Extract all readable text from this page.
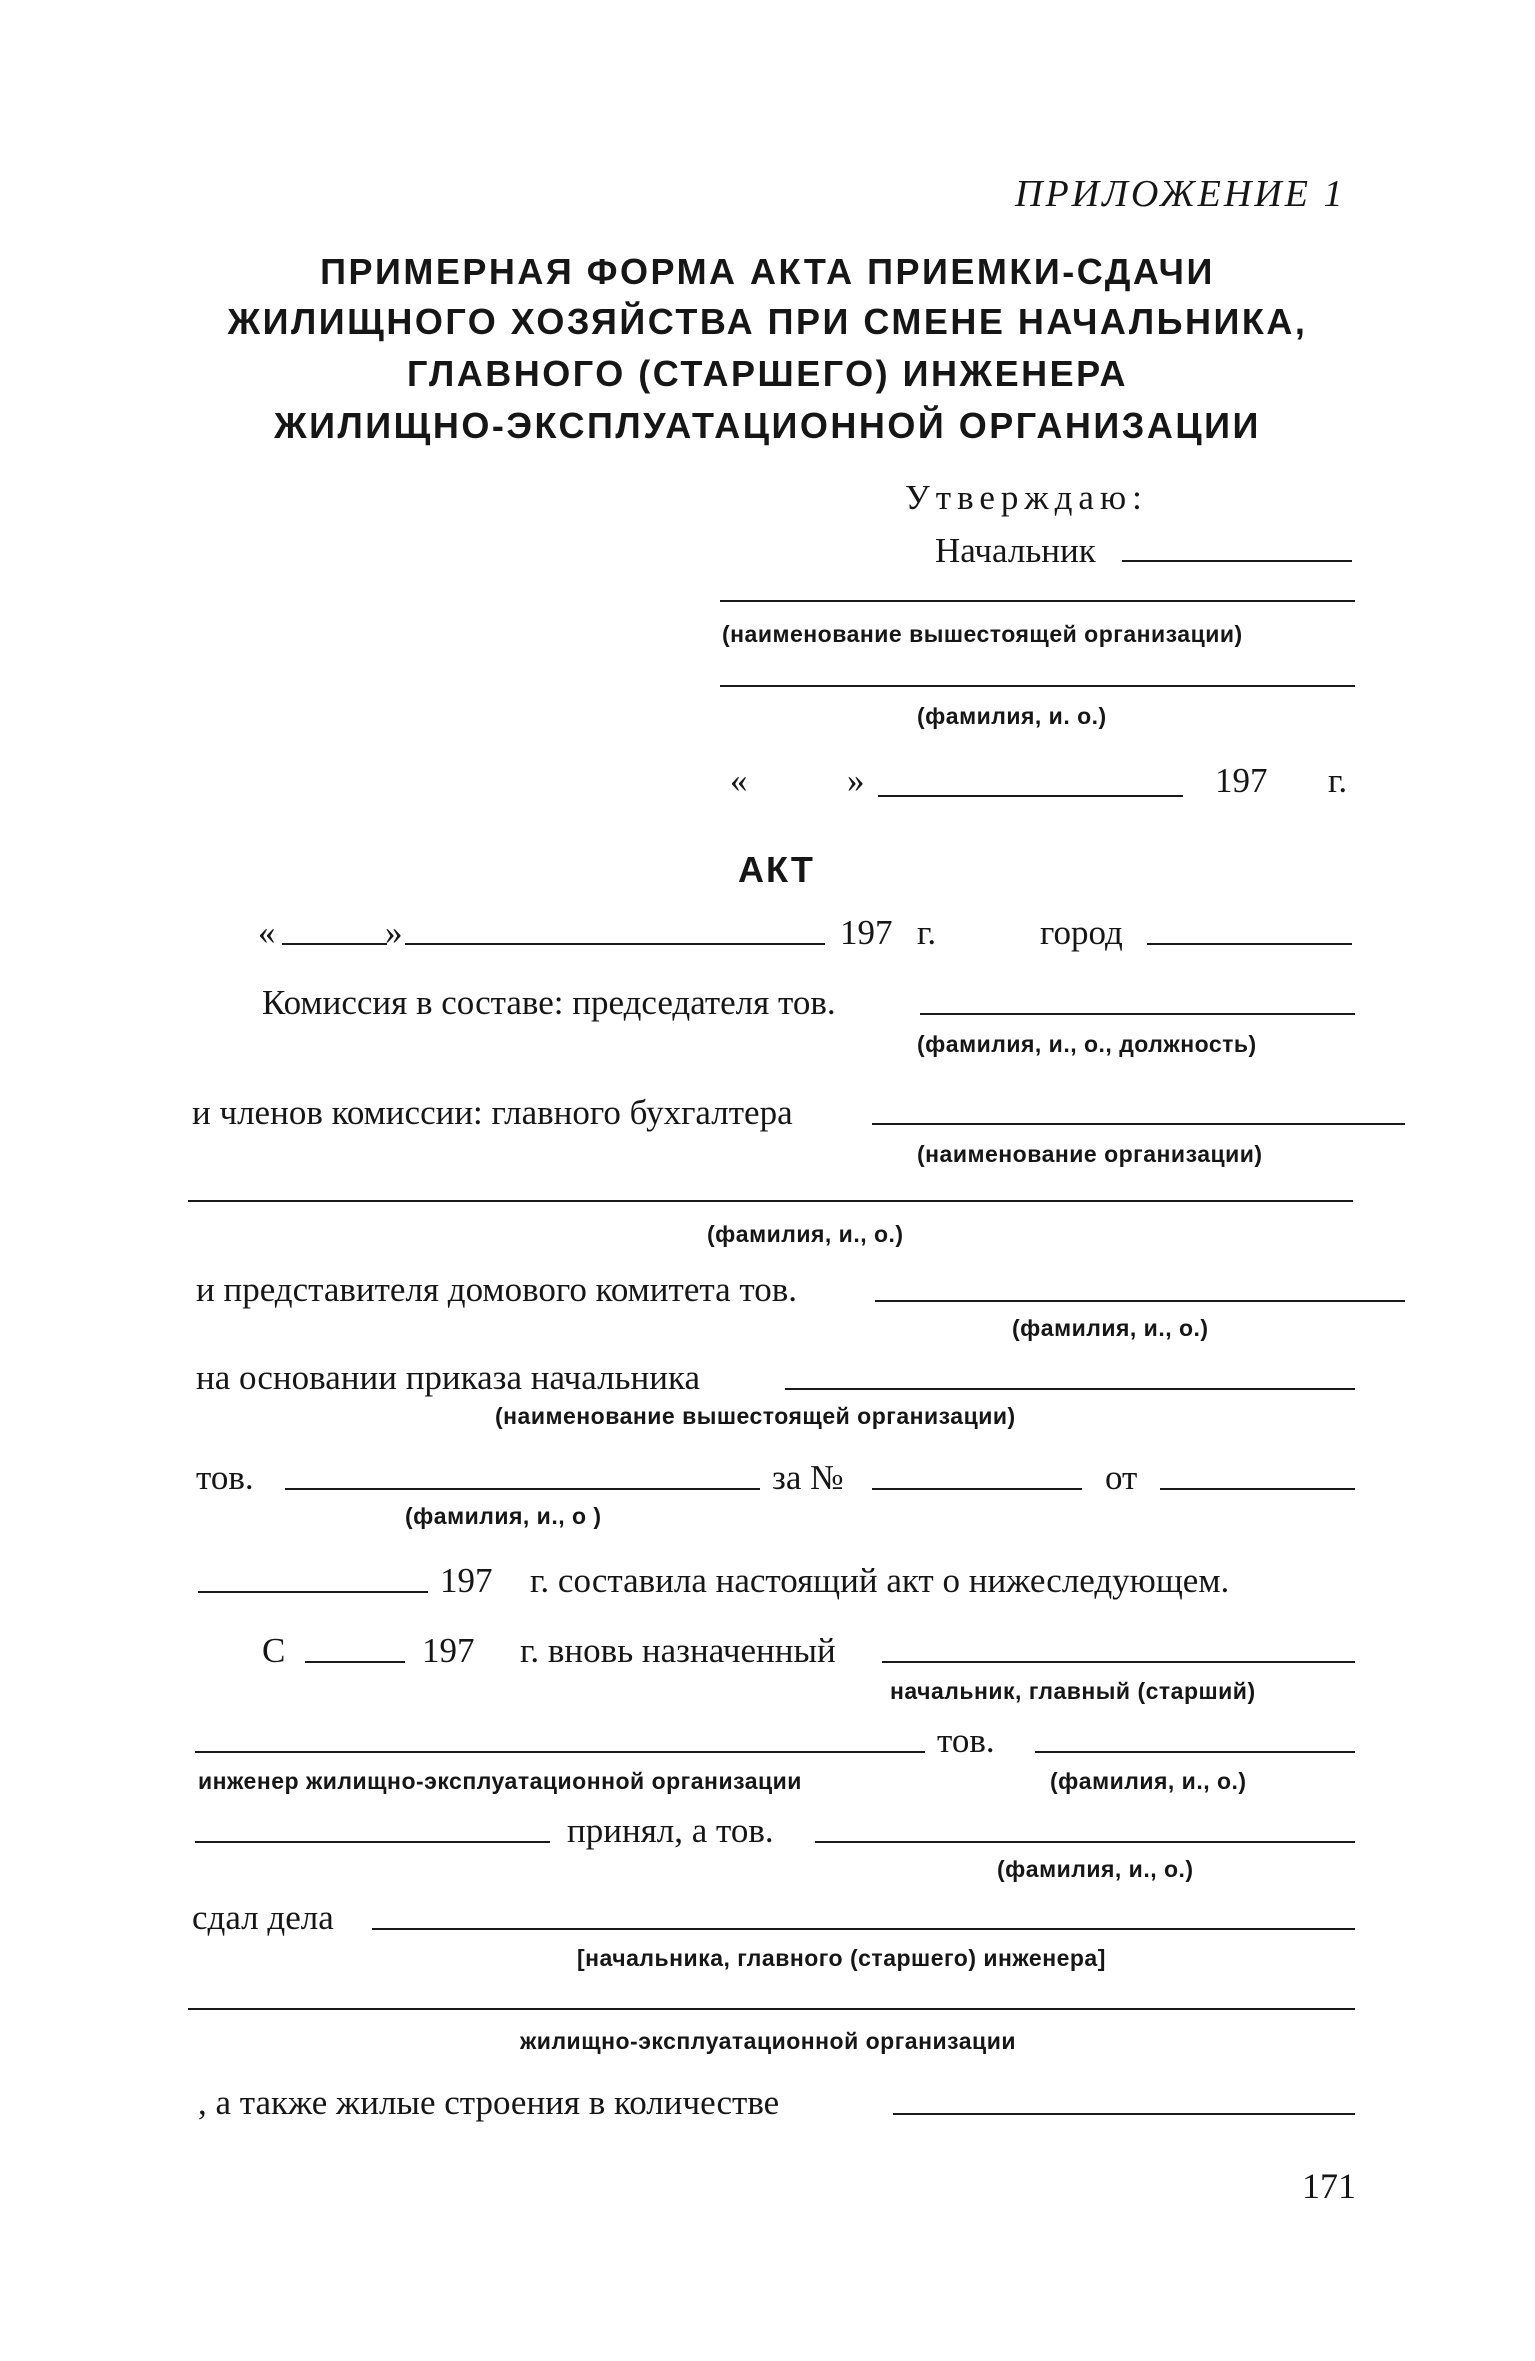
ПРИЛОЖЕНИЕ 1
ПРИМЕРНАЯ ФОРМА АКТА ПРИЕМКИ-СДАЧИ
ЖИЛИЩНОГО ХОЗЯЙСТВА ПРИ СМЕНЕ НАЧАЛЬНИКА,
ГЛАВНОГО (СТАРШЕГО) ИНЖЕНЕРА
ЖИЛИЩНО-ЭКСПЛУАТАЦИОННОЙ ОРГАНИЗАЦИИ
Утверждаю:
Начальник
(наименование вышестоящей организации)
(фамилия, и. о.)
«	»	197 г.
АКТ
«	»	197 г.	город
Комиссия в составе: председателя тов.
(фамилия, и., о., должность)
и членов комиссии: главного бухгалтера
(наименование организации)
(фамилия, и., о.)
и представителя домового комитета тов.
(фамилия, и., о.)
на основании приказа начальника
(наименование вышестоящей организации)
тов.	за №	от
(фамилия, и., о )
197 г. составила настоящий акт о нижеследующем.
С	197 г. вновь назначенный
начальник, главный (старший)
тов.
инженер жилищно-эксплуатационной организации	(фамилия, и., о.)
принял, а тов.
(фамилия, и., о.)
сдал дела
[начальника, главного (старшего) инженера]
жилищно-эксплуатационной организации
, а также жилые строения в количестве
171
